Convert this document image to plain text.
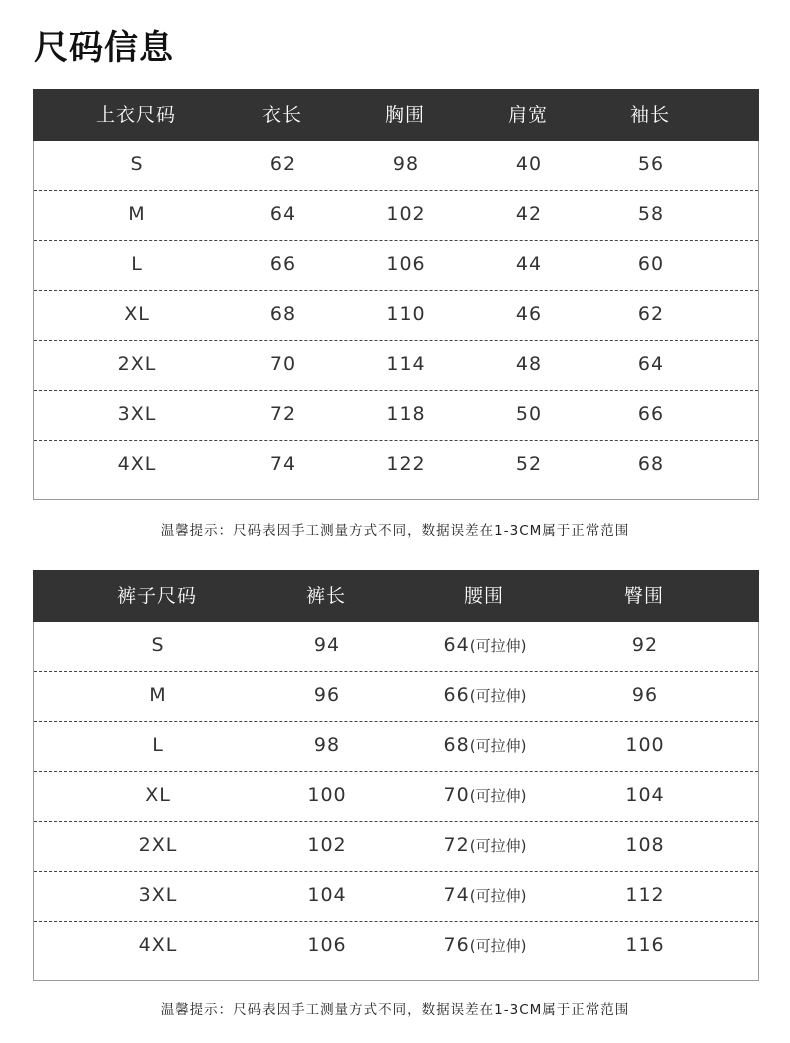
尺码信息
上衣尺码	衣长	胸围	肩宽	袖长
S	62	98	40	56
M	64	102	42	58
L	66	106	44	60
XL	68	110	46	62
2XL	70	114	48	64
3XL	72	118	50	66
4XL	74	122	52	68
温馨提示：尺码表因手工测量方式不同，数据误差在1-3CM属于正常范围
裤子尺码	裤长	腰围	臀围
S	94	64(可拉伸)	92
M	96	66(可拉伸)	96
L	98	68(可拉伸)	100
XL	100	70(可拉伸)	104
2XL	102	72(可拉伸)	108
3XL	104	74(可拉伸)	112
4XL	106	76(可拉伸)	116
温馨提示：尺码表因手工测量方式不同，数据误差在1-3CM属于正常范围
